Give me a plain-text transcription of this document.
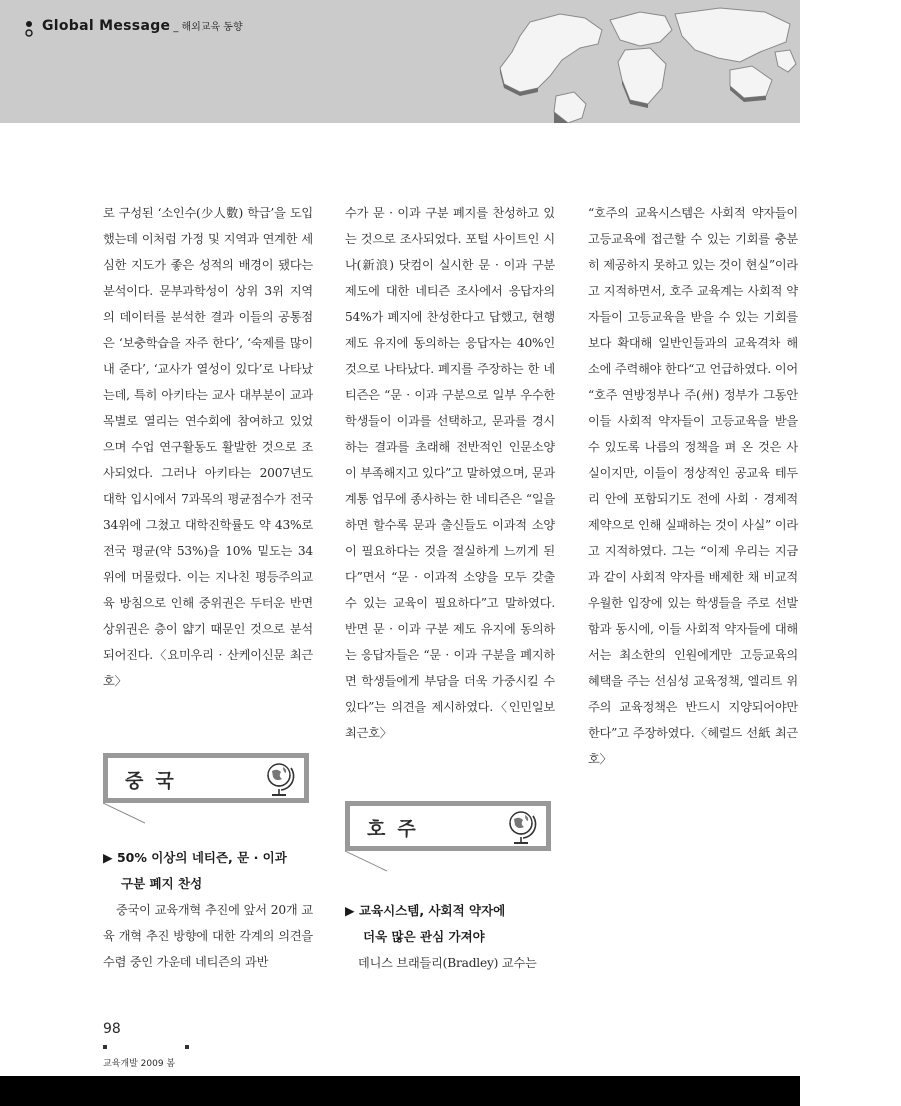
Global Message _ 해외교육 동향

로 구성된 ‘소인수(少人數) 학급’을 도입했는데 이처럼 가정 및 지역과 연계한 세심한 지도가 좋은 성적의 배경이 됐다는 분석이다. 문부과학성이 상위 3위 지역의 데이터를 분석한 결과 이들의 공통점은 ‘보충학습을 자주 한다’, ‘숙제를 많이 내 준다’, ‘교사가 열성이 있다’로 나타났는데, 특히 아키타는 교사 대부분이 교과목별로 열리는 연수회에 참여하고 있었으며 수업 연구활동도 활발한 것으로 조사되었다. 그러나 아키타는 2007년도 대학 입시에서 7과목의 평균점수가 전국 34위에 그쳤고 대학진학률도 약 43%로 전국 평균(약 53%)을 10% 밑도는 34위에 머물렀다. 이는 지나친 평등주의교육 방침으로 인해 중위권은 두터운 반면 상위권은 층이 얇기 때문인 것으로 분석되어진다.〈요미우리 · 산케이신문 최근호〉

중국
▶ 50% 이상의 네티즌, 문 · 이과
구분 폐지 찬성

중국이 교육개혁 추진에 앞서 20개 교육 개혁 추진 방향에 대한 각계의 의견을 수렴 중인 가운데 네티즌의 과반

수가 문 · 이과 구분 폐지를 찬성하고 있는 것으로 조사되었다. 포털 사이트인 시나(新浪) 닷컴이 실시한 문 · 이과 구분 제도에 대한 네티즌 조사에서 응답자의 54%가 폐지에 찬성한다고 답했고, 현행 제도 유지에 동의하는 응답자는 40%인 것으로 나타났다. 폐지를 주장하는 한 네티즌은 “문 · 이과 구분으로 일부 우수한 학생들이 이과를 선택하고, 문과를 경시하는 결과를 초래해 전반적인 인문소양이 부족해지고 있다”고 말하였으며, 문과 계통 업무에 종사하는 한 네티즌은 “일을 하면 할수록 문과 출신들도 이과적 소양이 필요하다는 것을 절실하게 느끼게 된다”면서 “문 · 이과적 소양을 모두 갖출 수 있는 교육이 필요하다”고 말하였다. 반면 문 · 이과 구분 제도 유지에 동의하는 응답자들은 “문 · 이과 구분을 폐지하면 학생들에게 부담을 더욱 가중시킬 수 있다”는 의견을 제시하였다.〈인민일보 최근호〉

호주
▶ 교육시스템, 사회적 약자에
더욱 많은 관심 가져야

데니스 브래들리(Bradley) 교수는

“호주의 교육시스템은 사회적 약자들이 고등교육에 접근할 수 있는 기회를 충분히 제공하지 못하고 있는 것이 현실”이라고 지적하면서, 호주 교육계는 사회적 약자들이 고등교육을 받을 수 있는 기회를 보다 확대해 일반인들과의 교육격차 해소에 주력해야 한다“고 언급하였다. 이어 “호주 연방정부나 주(州) 정부가 그동안 이들 사회적 약자들이 고등교육을 받을 수 있도록 나름의 정책을 펴 온 것은 사실이지만, 이들이 정상적인 공교육 테두리 안에 포함되기도 전에 사회 · 경제적 제약으로 인해 실패하는 것이 사실” 이라고 지적하였다. 그는 “이제 우리는 지금과 같이 사회적 약자를 배제한 채 비교적 우월한 입장에 있는 학생들을 주로 선발함과 동시에, 이들 사회적 약자들에 대해서는 최소한의 인원에게만 고등교육의 혜택을 주는 선심성 교육정책, 엘리트 위주의 교육정책은 반드시 지양되어야만 한다”고 주장하였다.〈헤럴드 선紙 최근호〉

98
교육개발 2009 봄
